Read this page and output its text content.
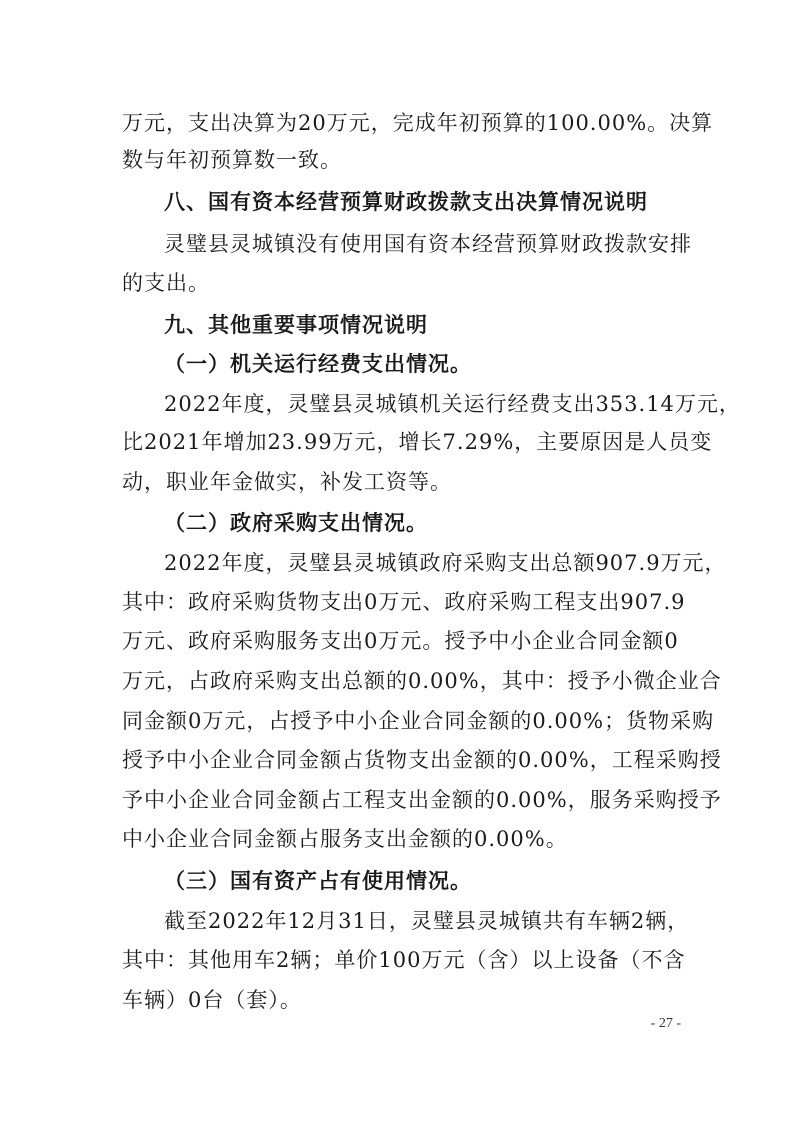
万元，支出决算为20万元，完成年初预算的100.00%。决算
数与年初预算数一致。
八、国有资本经营预算财政拨款支出决算情况说明
灵璧县灵城镇没有使用国有资本经营预算财政拨款安排
的支出。
九、其他重要事项情况说明
（一）机关运行经费支出情况。
2022年度，灵璧县灵城镇机关运行经费支出353.14万元，
比2021年增加23.99万元，增长7.29%，主要原因是人员变
动，职业年金做实，补发工资等。
（二）政府采购支出情况。
2022年度，灵璧县灵城镇政府采购支出总额907.9万元，
其中：政府采购货物支出0万元、政府采购工程支出907.9
万元、政府采购服务支出0万元。授予中小企业合同金额0
万元，占政府采购支出总额的0.00%，其中：授予小微企业合
同金额0万元，占授予中小企业合同金额的0.00%；货物采购
授予中小企业合同金额占货物支出金额的0.00%，工程采购授
予中小企业合同金额占工程支出金额的0.00%，服务采购授予
中小企业合同金额占服务支出金额的0.00%。
（三）国有资产占有使用情况。
截至2022年12月31日，灵璧县灵城镇共有车辆2辆，
其中：其他用车2辆；单价100万元（含）以上设备（不含
车辆）0台（套）。
- 27 -
